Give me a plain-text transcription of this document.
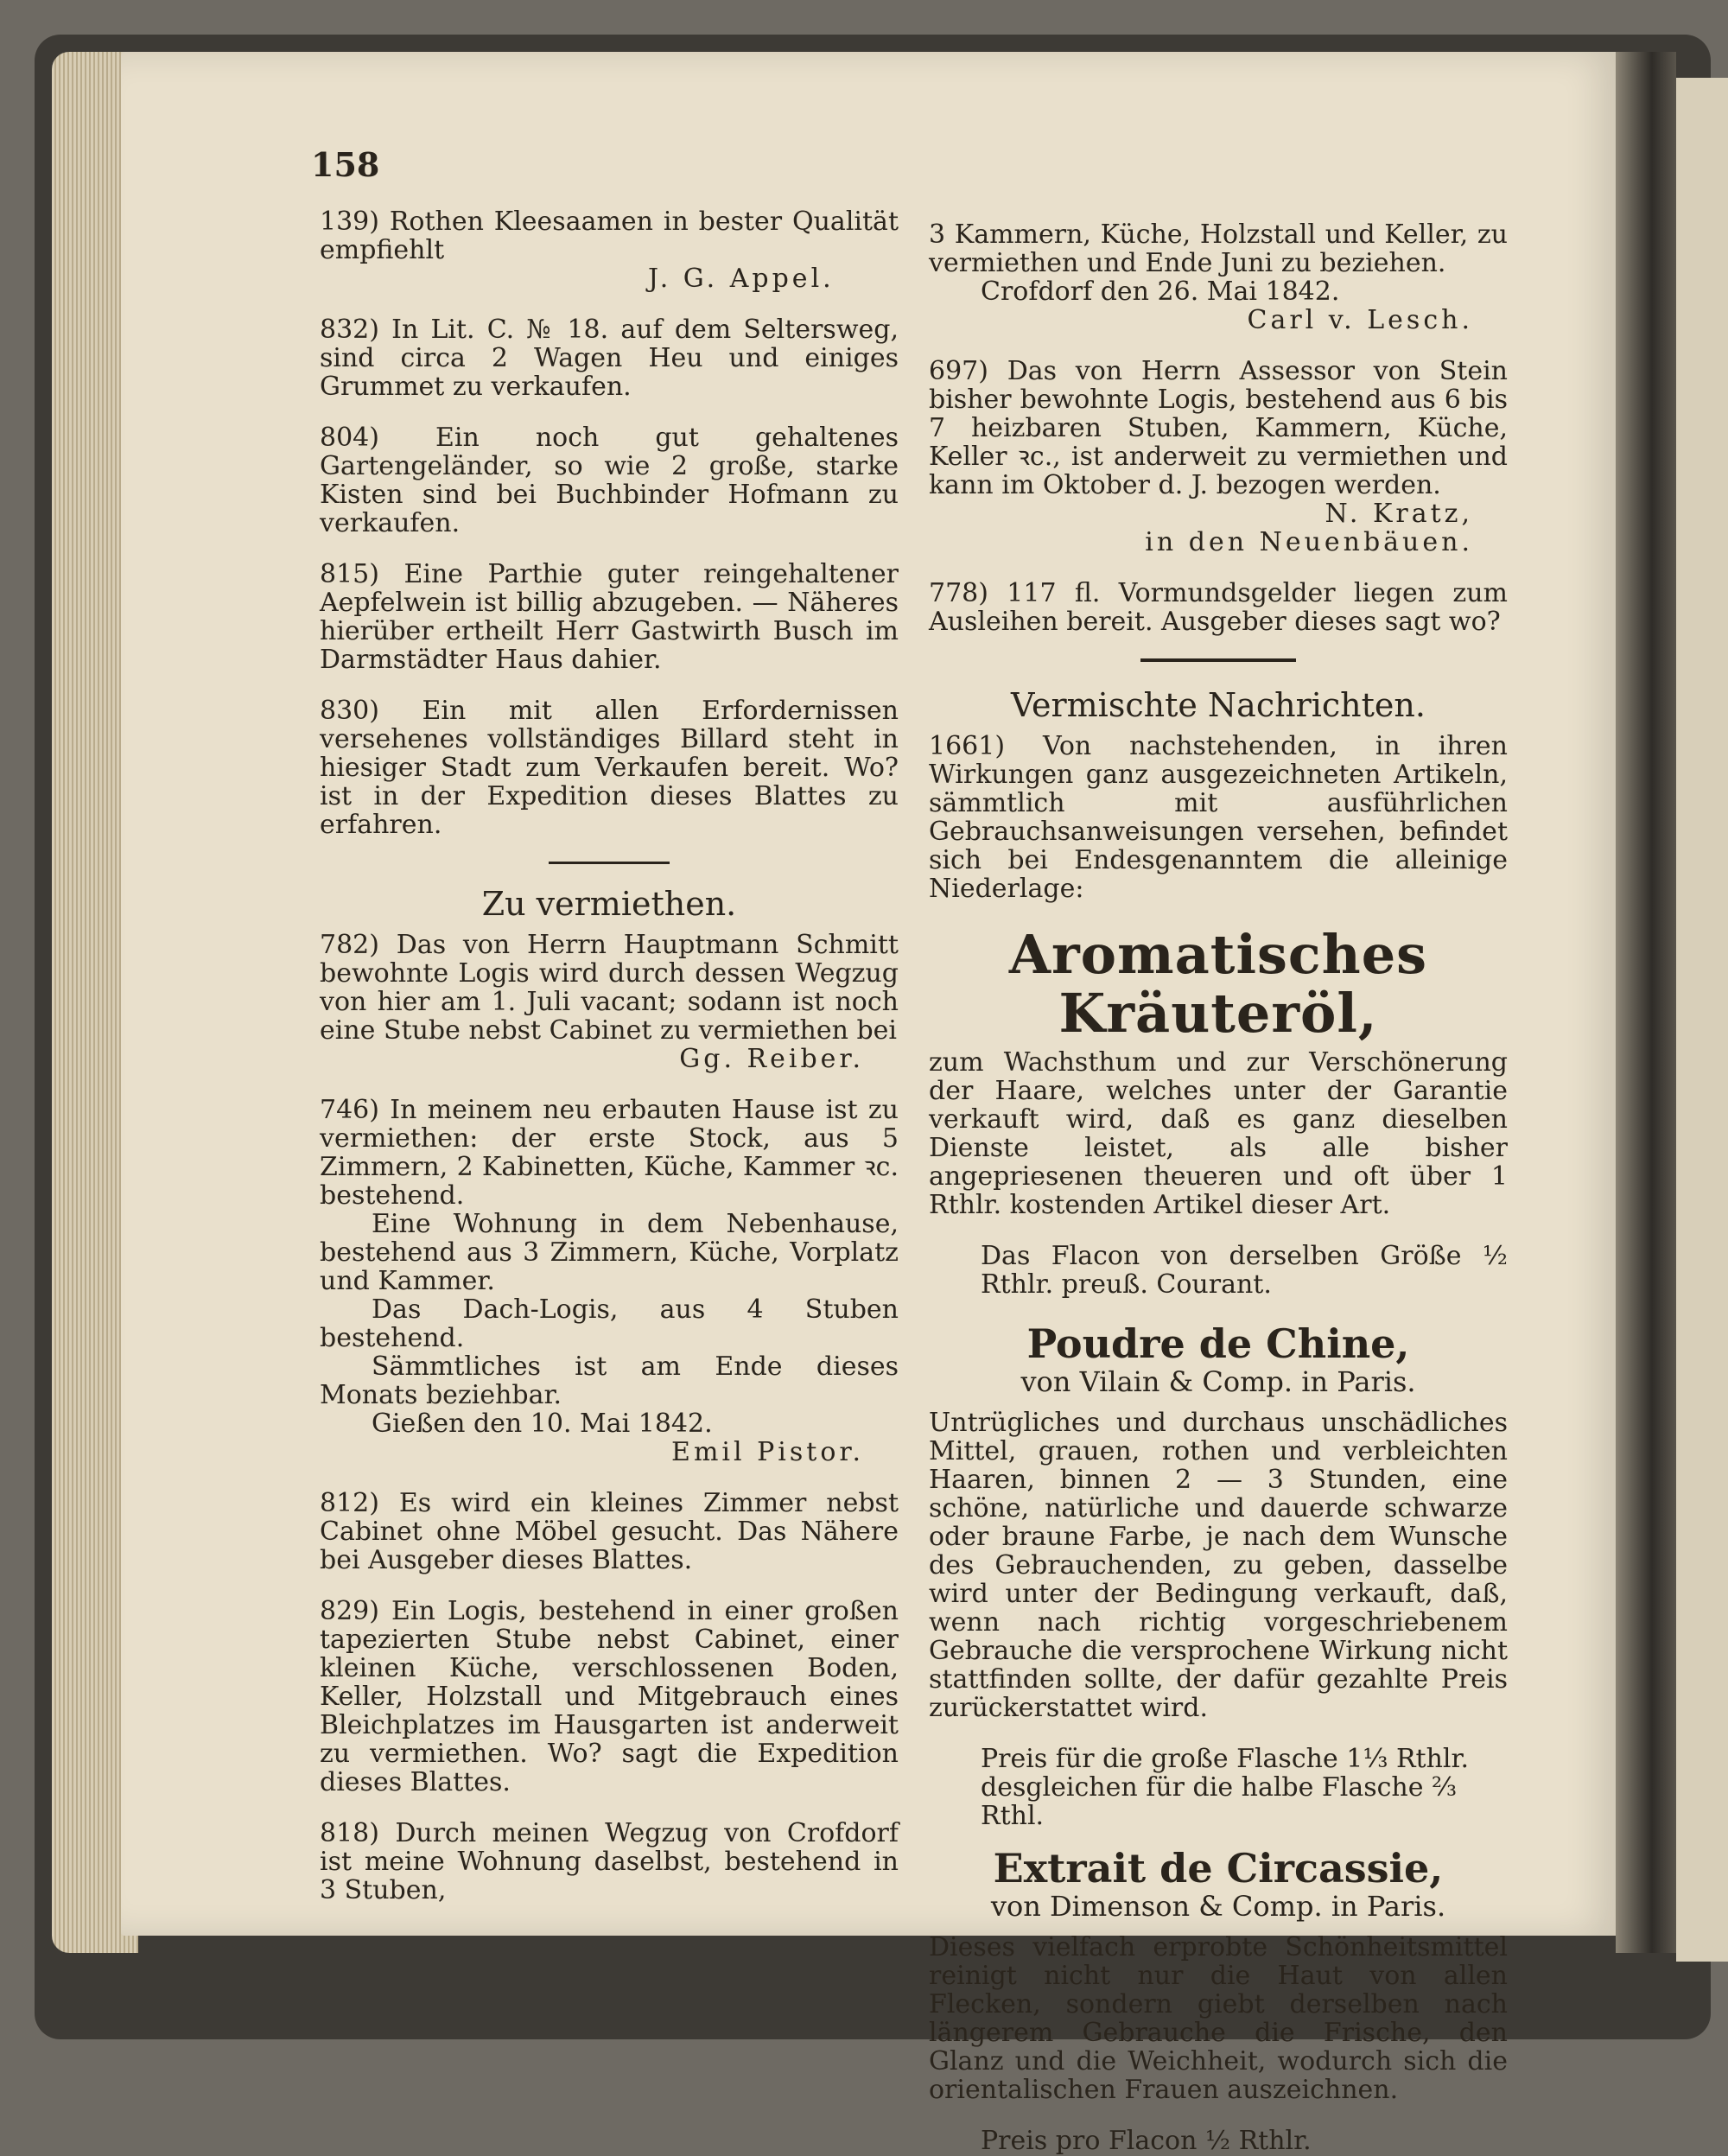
158
139) Rothen Kleesaamen in bester Qualität empfiehlt
J. G. Appel.
832) In Lit. C. № 18. auf dem Seltersweg, sind circa 2 Wagen Heu und einiges Grummet zu verkaufen.
804) Ein noch gut gehaltenes Gartengeländer, so wie 2 große, starke Kisten sind bei Buchbinder Hofmann zu verkaufen.
815) Eine Parthie guter reingehaltener Aepfelwein ist billig abzugeben. — Näheres hierüber ertheilt Herr Gastwirth Busch im Darmstädter Haus dahier.
830) Ein mit allen Erfordernissen versehenes vollständiges Billard steht in hiesiger Stadt zum Verkaufen bereit. Wo? ist in der Expedition dieses Blattes zu erfahren.
Zu vermiethen.
782) Das von Herrn Hauptmann Schmitt bewohnte Logis wird durch dessen Wegzug von hier am 1. Juli vacant; sodann ist noch eine Stube nebst Cabinet zu vermiethen bei
Gg. Reiber.
746) In meinem neu erbauten Hause ist zu vermiethen: der erste Stock, aus 5 Zimmern, 2 Kabinetten, Küche, Kammer ꝛc. bestehend.
Eine Wohnung in dem Nebenhause, bestehend aus 3 Zimmern, Küche, Vorplatz und Kammer.
Das Dach-Logis, aus 4 Stuben bestehend.
Sämmtliches ist am Ende dieses Monats beziehbar.
Gießen den 10. Mai 1842.
Emil Pistor.
812) Es wird ein kleines Zimmer nebst Cabinet ohne Möbel gesucht. Das Nähere bei Ausgeber dieses Blattes.
829) Ein Logis, bestehend in einer großen tapezierten Stube nebst Cabinet, einer kleinen Küche, verschlossenen Boden, Keller, Holzstall und Mitgebrauch eines Bleichplatzes im Hausgarten ist anderweit zu vermiethen. Wo? sagt die Expedition dieses Blattes.
818) Durch meinen Wegzug von Crofdorf ist meine Wohnung daselbst, bestehend in 3 Stuben,
3 Kammern, Küche, Holzstall und Keller, zu vermiethen und Ende Juni zu beziehen.
Crofdorf den 26. Mai 1842.
Carl v. Lesch.
697) Das von Herrn Assessor von Stein bisher bewohnte Logis, bestehend aus 6 bis 7 heizbaren Stuben, Kammern, Küche, Keller ꝛc., ist anderweit zu vermiethen und kann im Oktober d. J. bezogen werden.
N. Kratz,
in den Neuenbäuen.
778) 117 fl. Vormundsgelder liegen zum Ausleihen bereit. Ausgeber dieses sagt wo?
Vermischte Nachrichten.
1661) Von nachstehenden, in ihren Wirkungen ganz ausgezeichneten Artikeln, sämmtlich mit ausführlichen Gebrauchsanweisungen versehen, befindet sich bei Endesgenanntem die alleinige Niederlage:
Aromatisches Kräuteröl,
zum Wachsthum und zur Verschönerung der Haare, welches unter der Garantie verkauft wird, daß es ganz dieselben Dienste leistet, als alle bisher angepriesenen theueren und oft über 1 Rthlr. kostenden Artikel dieser Art.
Das Flacon von derselben Größe ½ Rthlr. preuß. Courant.
Poudre de Chine,
von Vilain & Comp. in Paris.
Untrügliches und durchaus unschädliches Mittel, grauen, rothen und verbleichten Haaren, binnen 2 — 3 Stunden, eine schöne, natürliche und dauerde schwarze oder braune Farbe, je nach dem Wunsche des Gebrauchenden, zu geben, dasselbe wird unter der Bedingung verkauft, daß, wenn nach richtig vorgeschriebenem Gebrauche die versprochene Wirkung nicht stattfinden sollte, der dafür gezahlte Preis zurückerstattet wird.
Preis für die große Flasche 1⅓ Rthlr.
desgleichen für die halbe Flasche ⅔ Rthl.
Extrait de Circassie,
von Dimenson & Comp. in Paris.
Dieses vielfach erprobte Schönheitsmittel reinigt nicht nur die Haut von allen Flecken, sondern giebt derselben nach längerem Gebrauche die Frische, den Glanz und die Weichheit, wodurch sich die orientalischen Frauen auszeichnen.
Preis pro Flacon ½ Rthlr.
